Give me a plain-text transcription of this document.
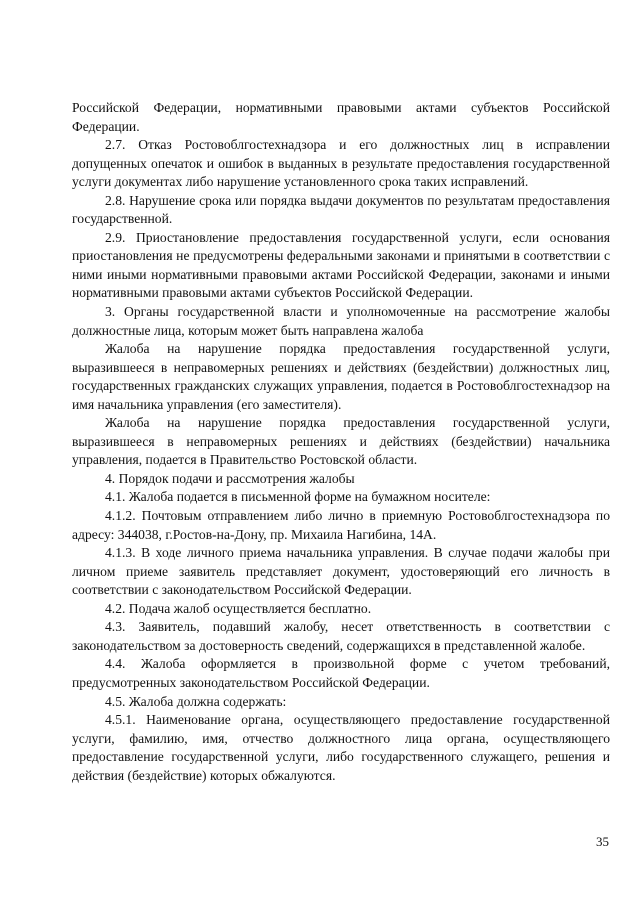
Российской Федерации, нормативными правовыми актами субъектов Российской Федерации.

2.7. Отказ Ростовоблгостехнадзора и его должностных лиц в исправлении допущенных опечаток и ошибок в выданных в результате предоставления государственной услуги документах либо нарушение установленного срока таких исправлений.

2.8. Нарушение срока или порядка выдачи документов по результатам предоставления государственной.

2.9. Приостановление предоставления государственной услуги, если основания приостановления не предусмотрены федеральными законами и принятыми в соответствии с ними иными нормативными правовыми актами Российской Федерации, законами и иными нормативными правовыми актами субъектов Российской Федерации.

3. Органы государственной власти и уполномоченные на рассмотрение жалобы должностные лица, которым может быть направлена жалоба

Жалоба на нарушение порядка предоставления государственной услуги, выразившееся в неправомерных решениях и действиях (бездействии) должностных лиц, государственных гражданских служащих управления, подается в Ростовоблгостехнадзор на имя начальника управления (его заместителя).

Жалоба на нарушение порядка предоставления государственной услуги, выразившееся в неправомерных решениях и действиях (бездействии) начальника управления, подается в Правительство Ростовской области.

4. Порядок подачи и рассмотрения жалобы

4.1. Жалоба подается в письменной форме на бумажном носителе:

4.1.2. Почтовым отправлением либо лично в приемную Ростовоблгостехнадзора по адресу: 344038, г.Ростов-на-Дону, пр. Михаила Нагибина, 14А.

4.1.3. В ходе личного приема начальника управления. В случае подачи жалобы при личном приеме заявитель представляет документ, удостоверяющий его личность в соответствии с законодательством Российской Федерации.

4.2. Подача жалоб осуществляется бесплатно.

4.3. Заявитель, подавший жалобу, несет ответственность в соответствии с законодательством за достоверность сведений, содержащихся в представленной жалобе.

4.4. Жалоба оформляется в произвольной форме с учетом требований, предусмотренных законодательством Российской Федерации.

4.5. Жалоба должна содержать:

4.5.1. Наименование органа, осуществляющего предоставление государственной услуги, фамилию, имя, отчество должностного лица органа, осуществляющего предоставление государственной услуги, либо государственного служащего, решения и действия (бездействие) которых обжалуются.

35
